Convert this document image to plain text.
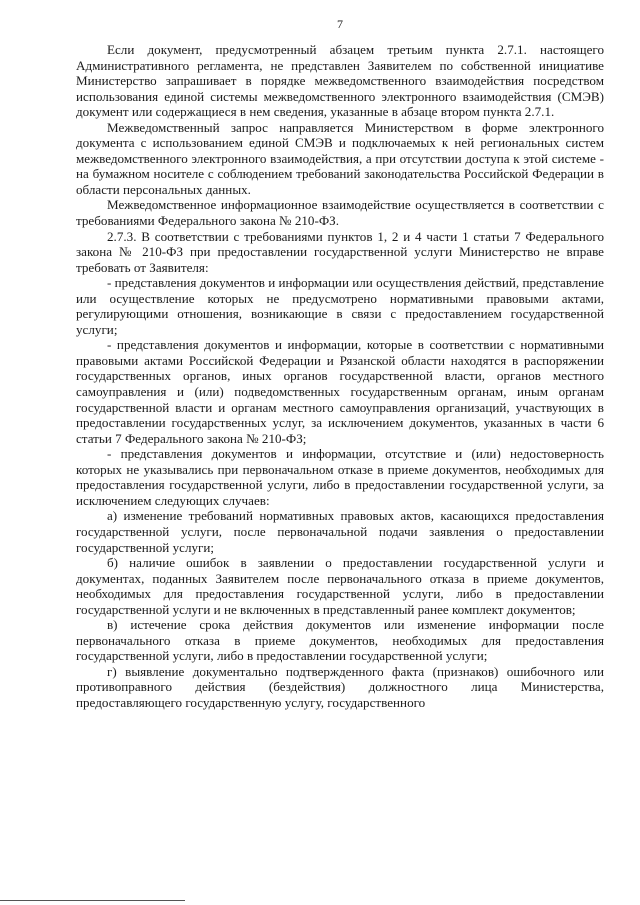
7

Если документ, предусмотренный абзацем третьим пункта 2.7.1. настоящего Административного регламента, не представлен Заявителем по собственной инициативе Министерство запрашивает в порядке межведомственного взаимодействия посредством использования единой системы межведомственного электронного взаимодействия (СМЭВ) документ или содержащиеся в нем сведения, указанные в абзаце втором пункта 2.7.1.

Межведомственный запрос направляется Министерством в форме электронного документа с использованием единой СМЭВ и подключаемых к ней региональных систем межведомственного электронного взаимодействия, а при отсутствии доступа к этой системе - на бумажном носителе с соблюдением требований законодательства Российской Федерации в области персональных данных.

Межведомственное информационное взаимодействие осуществляется в соответствии с требованиями Федерального закона № 210-ФЗ.

2.7.3. В соответствии с требованиями пунктов 1, 2 и 4 части 1 статьи 7 Федерального закона № 210-ФЗ при предоставлении государственной услуги Министерство не вправе требовать от Заявителя:

- представления документов и информации или осуществления действий, представление или осуществление которых не предусмотрено нормативными правовыми актами, регулирующими отношения, возникающие в связи с предоставлением государственной услуги;

- представления документов и информации, которые в соответствии с нормативными правовыми актами Российской Федерации и Рязанской области находятся в распоряжении государственных органов, иных органов государственной власти, органов местного самоуправления и (или) подведомственных государственным органам, иным органам государственной власти и органам местного самоуправления организаций, участвующих в предоставлении государственных услуг, за исключением документов, указанных в части 6 статьи 7 Федерального закона № 210-ФЗ;

- представления документов и информации, отсутствие и (или) недостоверность которых не указывались при первоначальном отказе в приеме документов, необходимых для предоставления государственной услуги, либо в предоставлении государственной услуги, за исключением следующих случаев:

а) изменение требований нормативных правовых актов, касающихся предоставления государственной услуги, после первоначальной подачи заявления о предоставлении государственной услуги;

б) наличие ошибок в заявлении о предоставлении государственной услуги и документах, поданных Заявителем после первоначального отказа в приеме документов, необходимых для предоставления государственной услуги, либо в предоставлении государственной услуги и не включенных в представленный ранее комплект документов;

в) истечение срока действия документов или изменение информации после первоначального отказа в приеме документов, необходимых для предоставления государственной услуги, либо в предоставлении государственной услуги;

г) выявление документально подтвержденного факта (признаков) ошибочного или противоправного действия (бездействия) должностного лица Министерства, предоставляющего государственную услугу, государственного
